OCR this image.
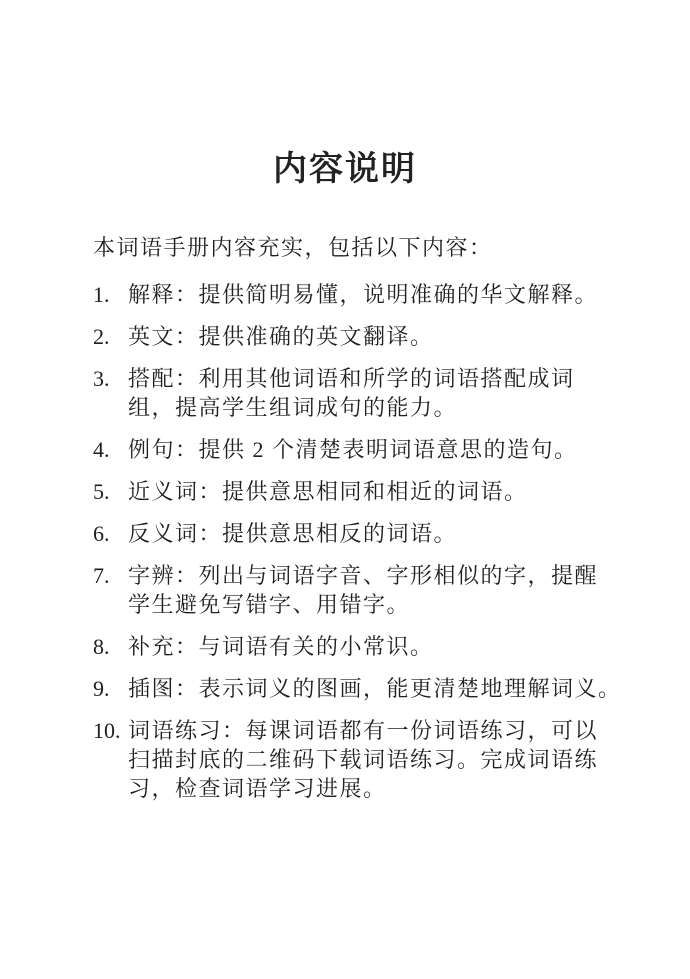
内容说明
本词语手册内容充实，包括以下内容：
1. 解释：提供简明易懂，说明准确的华文解释。
2. 英文：提供准确的英文翻译。
3. 搭配：利用其他词语和所学的词语搭配成词
组，提高学生组词成句的能力。
4. 例句：提供 2 个清楚表明词语意思的造句。
5. 近义词：提供意思相同和相近的词语。
6. 反义词：提供意思相反的词语。
7. 字辨：列出与词语字音、字形相似的字，提醒
学生避免写错字、用错字。
8. 补充：与词语有关的小常识。
9. 插图：表示词义的图画，能更清楚地理解词义。
10. 词语练习：每课词语都有一份词语练习，可以
扫描封底的二维码下载词语练习。完成词语练
习，检查词语学习进展。
